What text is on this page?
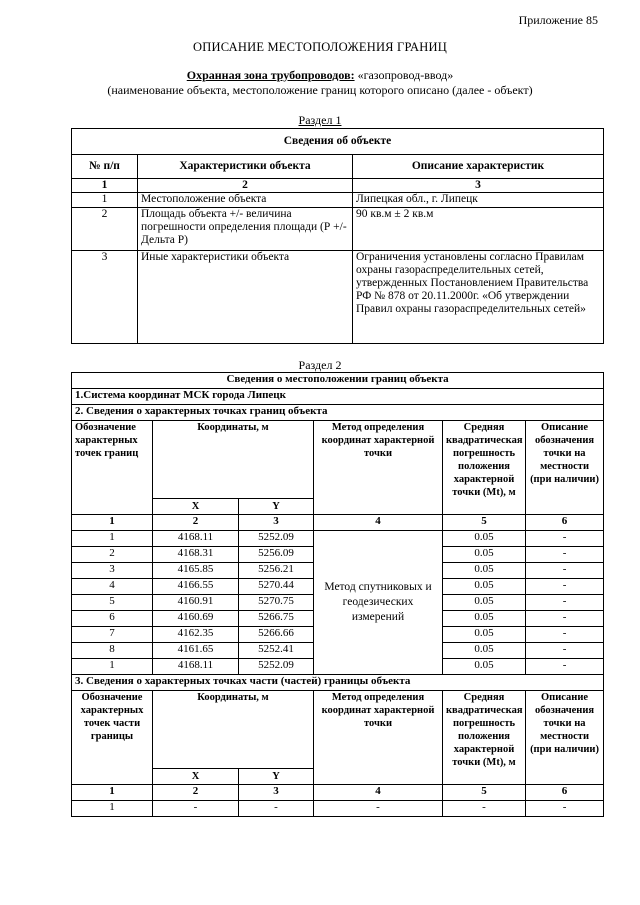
Приложение 85
ОПИСАНИЕ МЕСТОПОЛОЖЕНИЯ ГРАНИЦ
Охранная зона трубопроводов: «газопровод-ввод»
(наименование объекта, местоположение границ которого описано (далее - объект)
Раздел 1
Сведения об объекте		
№ п/п	Характеристики объекта	Описание характеристик
1	2	3
1	Местоположение объекта	Липецкая обл., г. Липецк
2	Площадь объекта +/- величина погрешности определения площади (Р +/- Дельта Р)	90 кв.м ± 2 кв.м
3	Иные характеристики объекта	Ограничения установлены согласно Правилам охраны газораспределительных сетей, утвержденных Постановлением Правительства РФ № 878 от 20.11.2000г. «Об утверждении Правил охраны газораспределительных сетей»
Раздел 2
Сведения о местоположении границ объекта					
1.Система координат МСК города Липецк					
2. Сведения о характерных точках границ объекта					
Обозначение характерных точек границ	Координаты, м		Метод определения координат характерной точки	Средняя квадратическая погрешность положения характерной точки (Mt), м	Описание обозначения точки на местности (при наличии)
	X	Y			
1	2	3	4	5	6
1	4168.11	5252.09	Метод спутниковых и геодезических измерений	0.05	-
2	4168.31	5256.09		0.05	-
3	4165.85	5256.21		0.05	-
4	4166.55	5270.44		0.05	-
5	4160.91	5270.75		0.05	-
6	4160.69	5266.75		0.05	-
7	4162.35	5266.66		0.05	-
8	4161.65	5252.41		0.05	-
1	4168.11	5252.09		0.05	-
3. Сведения о характерных точках части (частей) границы объекта					
Обозначение характерных точек части границы	Координаты, м		Метод определения координат характерной точки	Средняя квадратическая погрешность положения характерной точки (Mt), м	Описание обозначения точки на местности (при наличии)
	X	Y			
1	2	3	4	5	6
1	-	-	-	-	-
